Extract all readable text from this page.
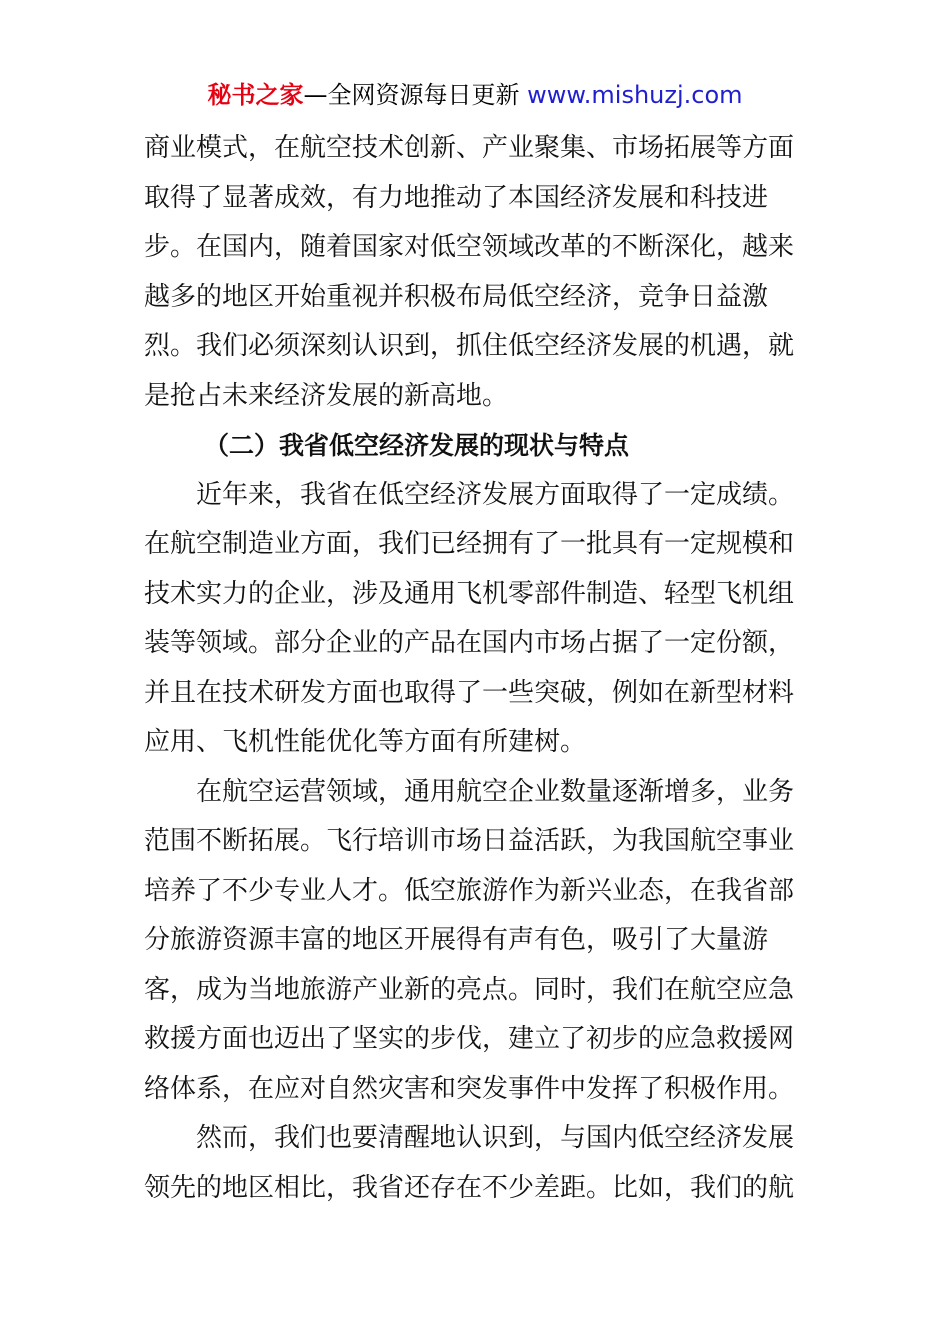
秘书之家—全网资源每日更新 www.mishuzj.com
商业模式，在航空技术创新、产业聚集、市场拓展等方面
取得了显著成效，有力地推动了本国经济发展和科技进
步。在国内，随着国家对低空领域改革的不断深化，越来
越多的地区开始重视并积极布局低空经济，竞争日益激
烈。我们必须深刻认识到，抓住低空经济发展的机遇，就
是抢占未来经济发展的新高地。
（二）我省低空经济发展的现状与特点
近年来，我省在低空经济发展方面取得了一定成绩。
在航空制造业方面，我们已经拥有了一批具有一定规模和
技术实力的企业，涉及通用飞机零部件制造、轻型飞机组
装等领域。部分企业的产品在国内市场占据了一定份额，
并且在技术研发方面也取得了一些突破，例如在新型材料
应用、飞机性能优化等方面有所建树。
在航空运营领域，通用航空企业数量逐渐增多，业务
范围不断拓展。飞行培训市场日益活跃，为我国航空事业
培养了不少专业人才。低空旅游作为新兴业态，在我省部
分旅游资源丰富的地区开展得有声有色，吸引了大量游
客，成为当地旅游产业新的亮点。同时，我们在航空应急
救援方面也迈出了坚实的步伐，建立了初步的应急救援网
络体系，在应对自然灾害和突发事件中发挥了积极作用。
然而，我们也要清醒地认识到，与国内低空经济发展
领先的地区相比，我省还存在不少差距。比如，我们的航
